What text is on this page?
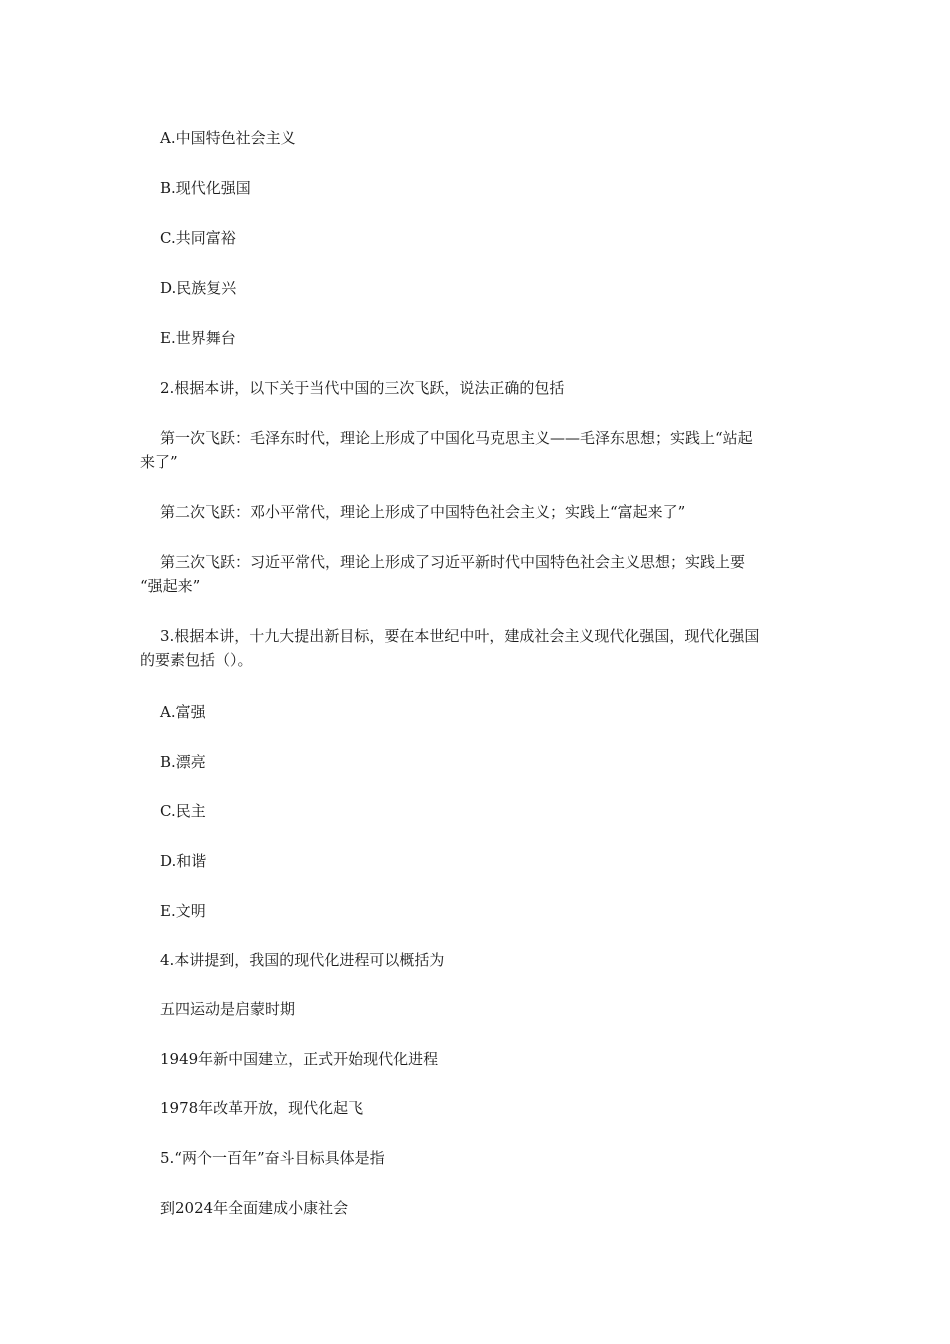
A.中国特色社会主义
B.现代化强国
C.共同富裕
D.民族复兴
E.世界舞台
2.根据本讲，以下关于当代中国的三次飞跃，说法正确的包括
第一次飞跃：毛泽东时代，理论上形成了中国化马克思主义——毛泽东思想；实践上“站起
来了”
第二次飞跃：邓小平常代，理论上形成了中国特色社会主义；实践上“富起来了”
第三次飞跃：习近平常代，理论上形成了习近平新时代中国特色社会主义思想；实践上要
“强起来”
3.根据本讲，十九大提出新目标，要在本世纪中叶，建成社会主义现代化强国，现代化强国
的要素包括（）。
A.富强
B.漂亮
C.民主
D.和谐
E.文明
4.本讲提到，我国的现代化进程可以概括为
五四运动是启蒙时期
1949年新中国建立，正式开始现代化进程
1978年改革开放，现代化起飞
5.“两个一百年”奋斗目标具体是指
到2024年全面建成小康社会
